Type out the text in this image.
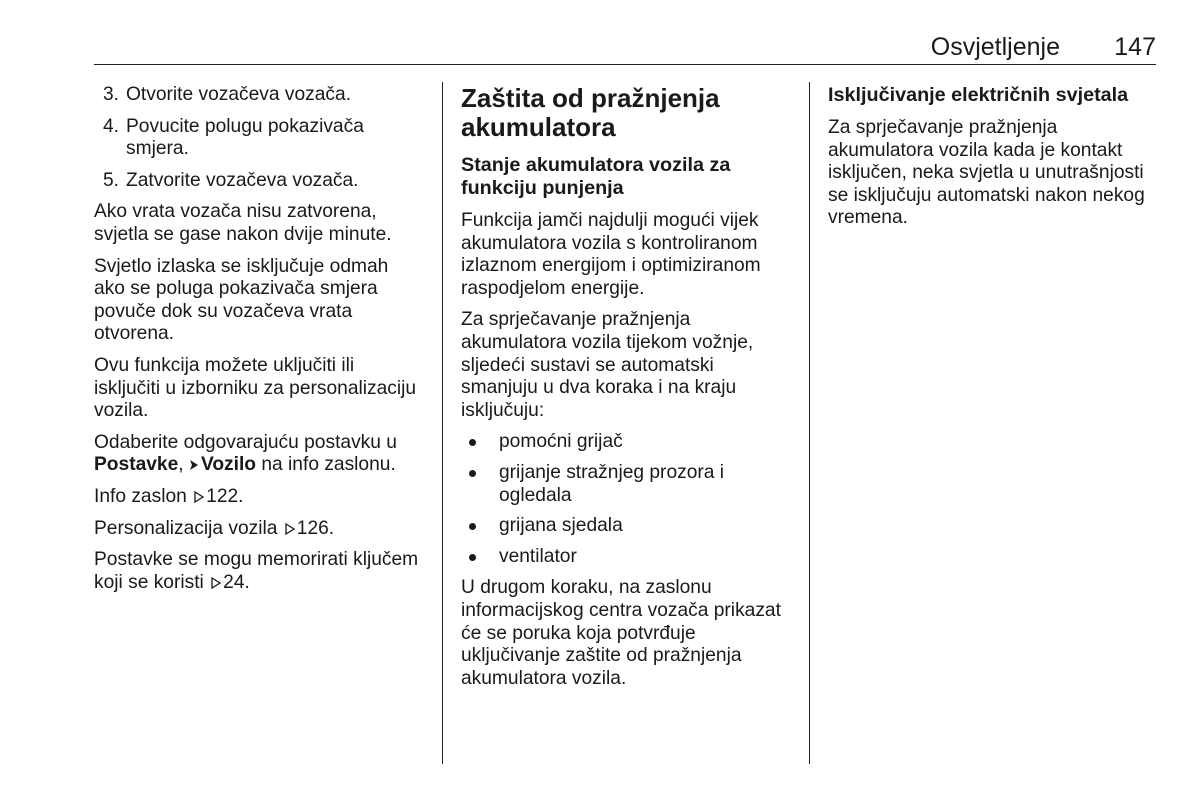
Osvjetljenje 147
3. Otvorite vozačeva vozača.
4. Povucite polugu pokazivača smjera.
5. Zatvorite vozačeva vozača.

Ako vrata vozača nisu zatvorena, svjetla se gase nakon dvije minute.

Svjetlo izlaska se isključuje odmah ako se poluga pokazivača smjera povuče dok su vozačeva vrata otvorena.

Ovu funkcija možete uključiti ili isključiti u izborniku za personalizaciju vozila.

Odaberite odgovarajuću postavku u Postavke, Vozilo na info zaslonu.

Info zaslon 122.

Personalizacija vozila 126.

Postavke se mogu memorirati ključem koji se koristi 24.

Zaštita od pražnjenja akumulatora
Stanje akumulatora vozila za funkciju punjenja

Funkcija jamči najdulji mogući vijek akumulatora vozila s kontroliranom izlaznom energijom i optimiziranom raspodjelom energije.

Za sprječavanje pražnjenja akumulatora vozila tijekom vožnje, sljedeći sustavi se automatski smanjuju u dva koraka i na kraju isključuju:

pomoćni grijač
grijanje stražnjeg prozora i ogledala
grijana sjedala
ventilator

U drugom koraku, na zaslonu informacijskog centra vozača prikazat će se poruka koja potvrđuje uključivanje zaštite od pražnjenja akumulatora vozila.

Isključivanje električnih svjetala

Za sprječavanje pražnjenja akumulatora vozila kada je kontakt isključen, neka svjetla u unutrašnjosti se isključuju automatski nakon nekog vremena.
